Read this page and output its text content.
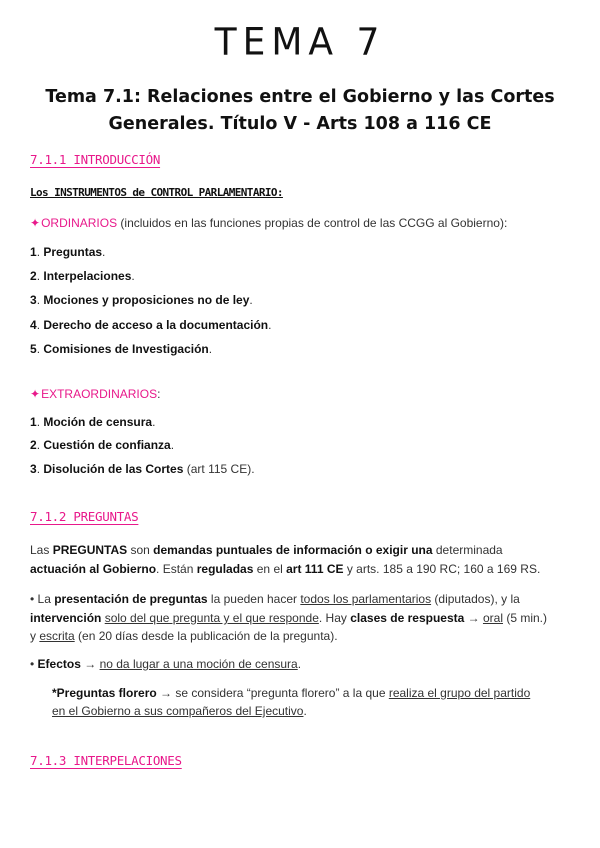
TEMA 7
Tema 7.1: Relaciones entre el Gobierno y las Cortes Generales. Título V - Arts 108 a 116 CE
7.1.1 INTRODUCCIÓN
Los INSTRUMENTOS de CONTROL PARLAMENTARIO:
✦ORDINARIOS (incluidos en las funciones propias de control de las CCGG al Gobierno):
1. Preguntas.
2. Interpelaciones.
3. Mociones y proposiciones no de ley.
4. Derecho de acceso a la documentación.
5. Comisiones de Investigación.
✦EXTRAORDINARIOS:
1. Moción de censura.
2. Cuestión de confianza.
3. Disolución de las Cortes (art 115 CE).
7.1.2 PREGUNTAS
Las PREGUNTAS son demandas puntuales de información o exigir una determinada
actuación al Gobierno. Están reguladas en el art 111 CE y arts. 185 a 190 RC; 160 a 169 RS.
• La presentación de preguntas la pueden hacer todos los parlamentarios (diputados), y la
intervención solo del que pregunta y el que responde. Hay clases de respuesta → oral (5 min.)
y escrita (en 20 días desde la publicación de la pregunta).
• Efectos → no da lugar a una moción de censura.
*Preguntas florero → se considera “pregunta florero” a la que realiza el grupo del partido
en el Gobierno a sus compañeros del Ejecutivo.
7.1.3 INTERPELACIONES
